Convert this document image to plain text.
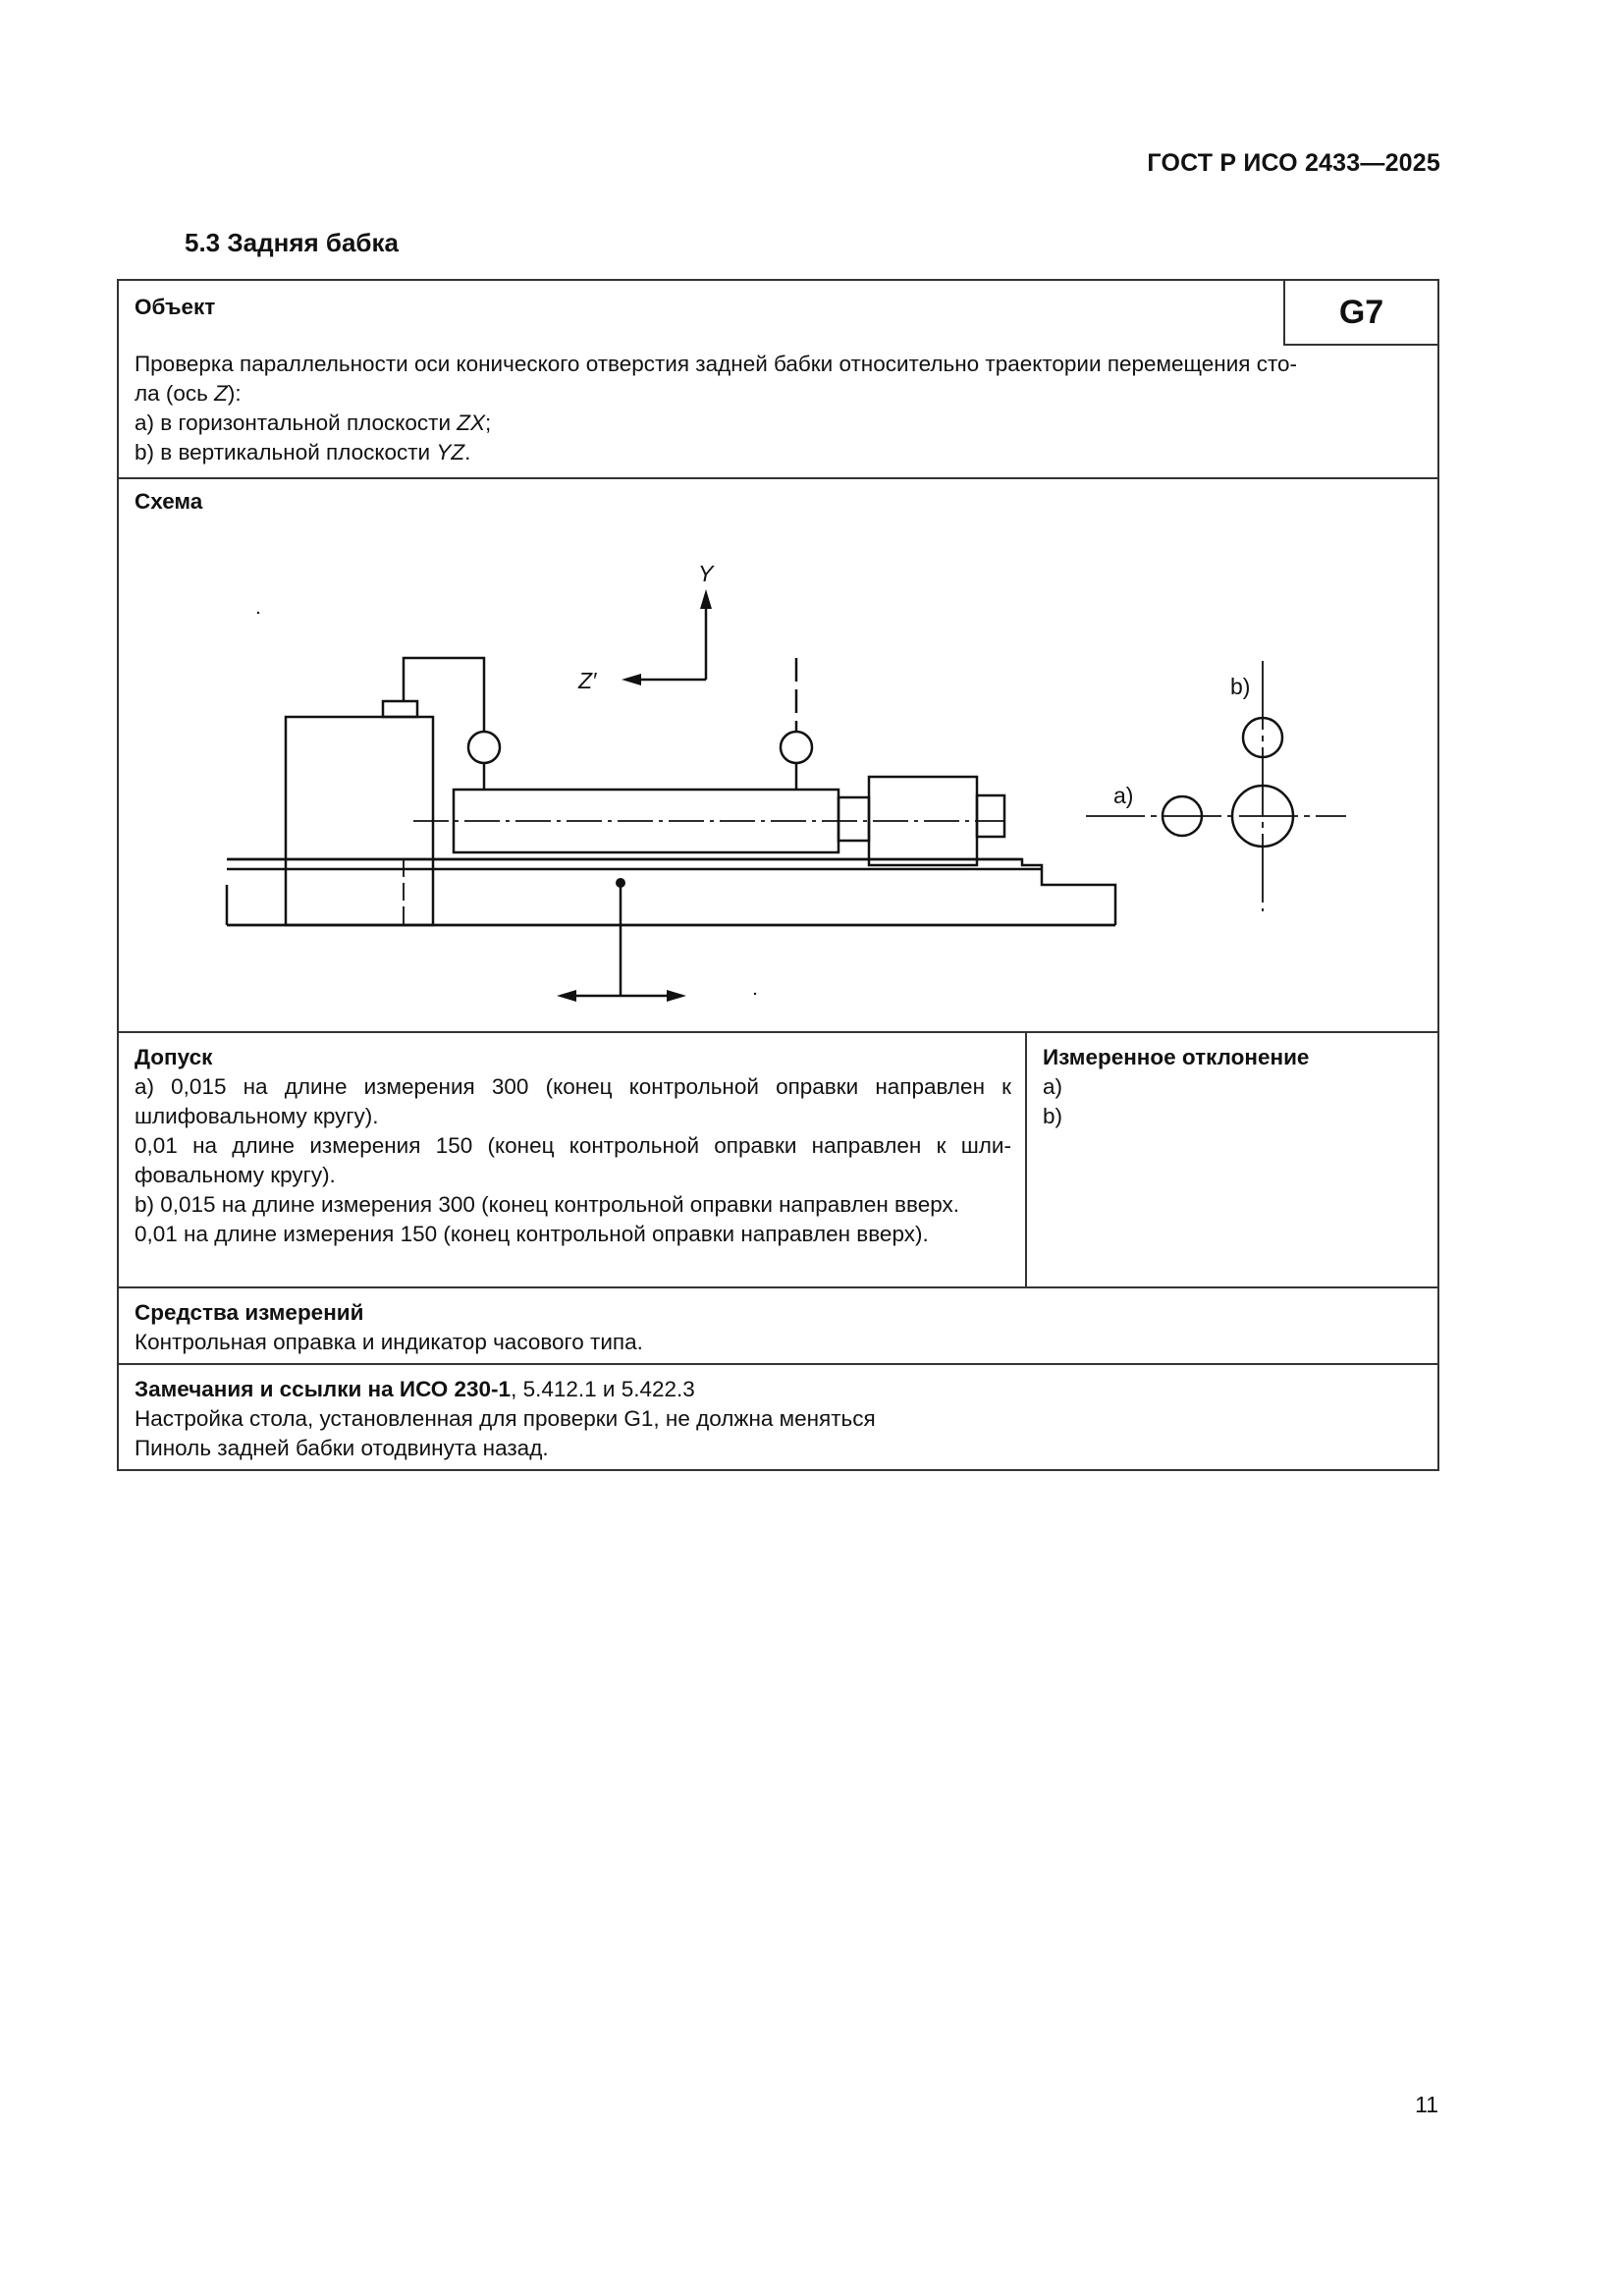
ГОСТ Р ИСО 2433—2025
5.3 Задняя бабка
Объект	G7

Проверка параллельности оси конического отверстия задней бабки относительно траектории перемещения сто-

ла (ось Z):

a) в горизонтальной плоскости ZX;

b) в вертикальной плоскости YZ.

Схема
Y
Z′
a)
b)

Допуск

a) 0,015 на длине измерения 300 (конец контрольной оправки направлен к шлифовальному кругу).

0,01 на длине измерения 150 (конец контрольной оправки направлен к шли- фовальному кругу).

b) 0,015 на длине измерения 300 (конец контрольной оправки направлен вверх.

0,01 на длине измерения 150 (конец контрольной оправки направлен вверх).

Измеренное отклонение

a)

b)

Средства измерений

Контрольная оправка и индикатор часового типа.

Замечания и ссылки на ИСО 230-1, 5.412.1 и 5.422.3

Настройка стола, установленная для проверки G1, не должна меняться

Пиноль задней бабки отодвинута назад.

11
